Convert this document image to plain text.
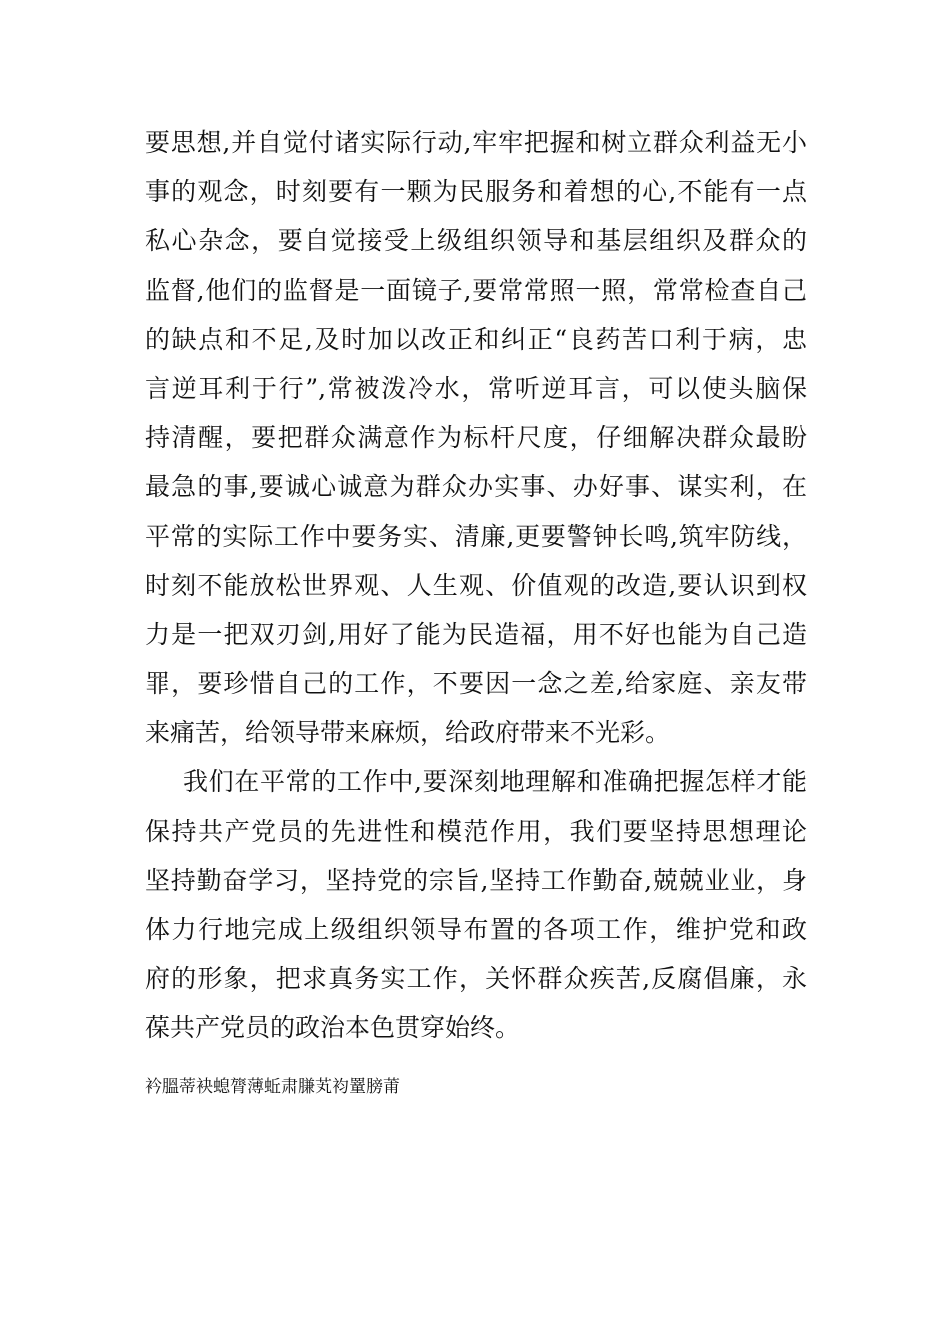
要思想,并自觉付诸实际行动,牢牢把握和树立群众利益无小
事的观念，时刻要有一颗为民服务和着想的心,不能有一点
私心杂念，要自觉接受上级组织领导和基层组织及群众的
监督,他们的监督是一面镜子,要常常照一照，常常检查自己
的缺点和不足,及时加以改正和纠正“良药苦口利于病，忠
言逆耳利于行”,常被泼冷水，常听逆耳言，可以使头脑保
持清醒，要把群众满意作为标杆尺度，仔细解决群众最盼
最急的事,要诚心诚意为群众办实事、办好事、谋实利，在
平常的实际工作中要务实、清廉,更要警钟长鸣,筑牢防线，
时刻不能放松世界观、人生观、价值观的改造,要认识到权
力是一把双刃剑,用好了能为民造福，用不好也能为自己造
罪，要珍惜自己的工作，不要因一念之差,给家庭、亲友带
来痛苦，给领导带来麻烦，给政府带来不光彩。
我们在平常的工作中,要深刻地理解和准确把握怎样才能
保持共产党员的先进性和模范作用，我们要坚持思想理论
坚持勤奋学习，坚持党的宗旨,坚持工作勤奋,兢兢业业，身
体力行地完成上级组织领导布置的各项工作，维护党和政
府的形象，把求真务实工作，关怀群众疾苦,反腐倡廉，永
葆共产党员的政治本色贯穿始终。
衿膃蒂袂螅膂薄蚯肃膁芄袀罿膀莆
